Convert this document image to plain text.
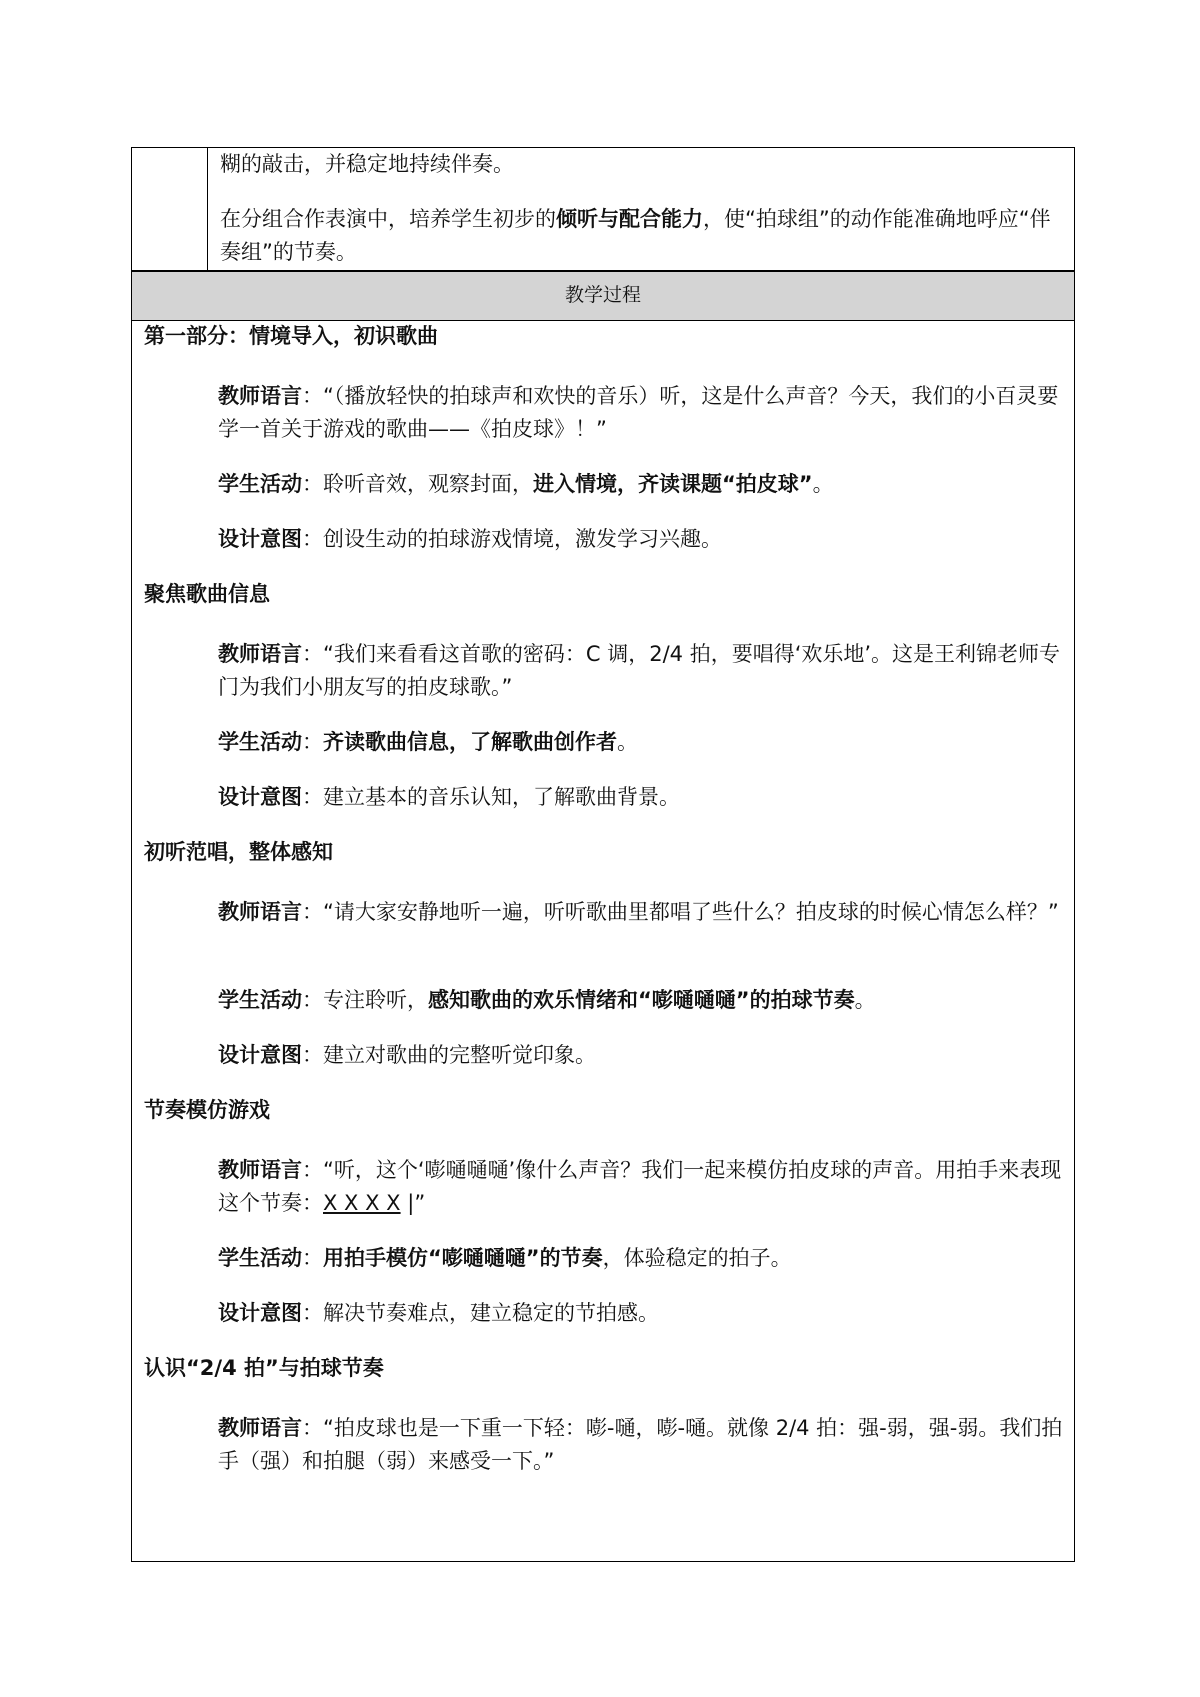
糊的敲击，并稳定地持续伴奏。

在分组合作表演中，培养学生初步的倾听与配合能力，使“拍球组”的动作能准确地呼应“伴奏组”的节奏。

教学过程
第一部分：情境导入，初识歌曲
教师语言：“（播放轻快的拍球声和欢快的音乐）听，这是什么声音？今天，我们的小百灵要学一首关于游戏的歌曲——《拍皮球》！”
学生活动：聆听音效，观察封面，进入情境，齐读课题“拍皮球”。
设计意图：创设生动的拍球游戏情境，激发学习兴趣。
聚焦歌曲信息
教师语言：“我们来看看这首歌的密码：C 调，2/4 拍，要唱得‘欢乐地’。这是王利锦老师专门为我们小朋友写的拍皮球歌。”
学生活动：齐读歌曲信息，了解歌曲创作者。
设计意图：建立基本的音乐认知，了解歌曲背景。
初听范唱，整体感知
教师语言：“请大家安静地听一遍，听听歌曲里都唱了些什么？拍皮球的时候心情怎么样？”
学生活动：专注聆听，感知歌曲的欢乐情绪和“嘭嗵嗵嗵”的拍球节奏。
设计意图：建立对歌曲的完整听觉印象。
节奏模仿游戏
教师语言：“听，这个‘嘭嗵嗵嗵’像什么声音？我们一起来模仿拍皮球的声音。用拍手来表现这个节奏：X X X X |”
学生活动：用拍手模仿“嘭嗵嗵嗵”的节奏，体验稳定的拍子。
设计意图：解决节奏难点，建立稳定的节拍感。
认识“2/4 拍”与拍球节奏
教师语言：“拍皮球也是一下重一下轻：嘭-嗵，嘭-嗵。就像 2/4 拍：强-弱，强-弱。我们拍手（强）和拍腿（弱）来感受一下。”
